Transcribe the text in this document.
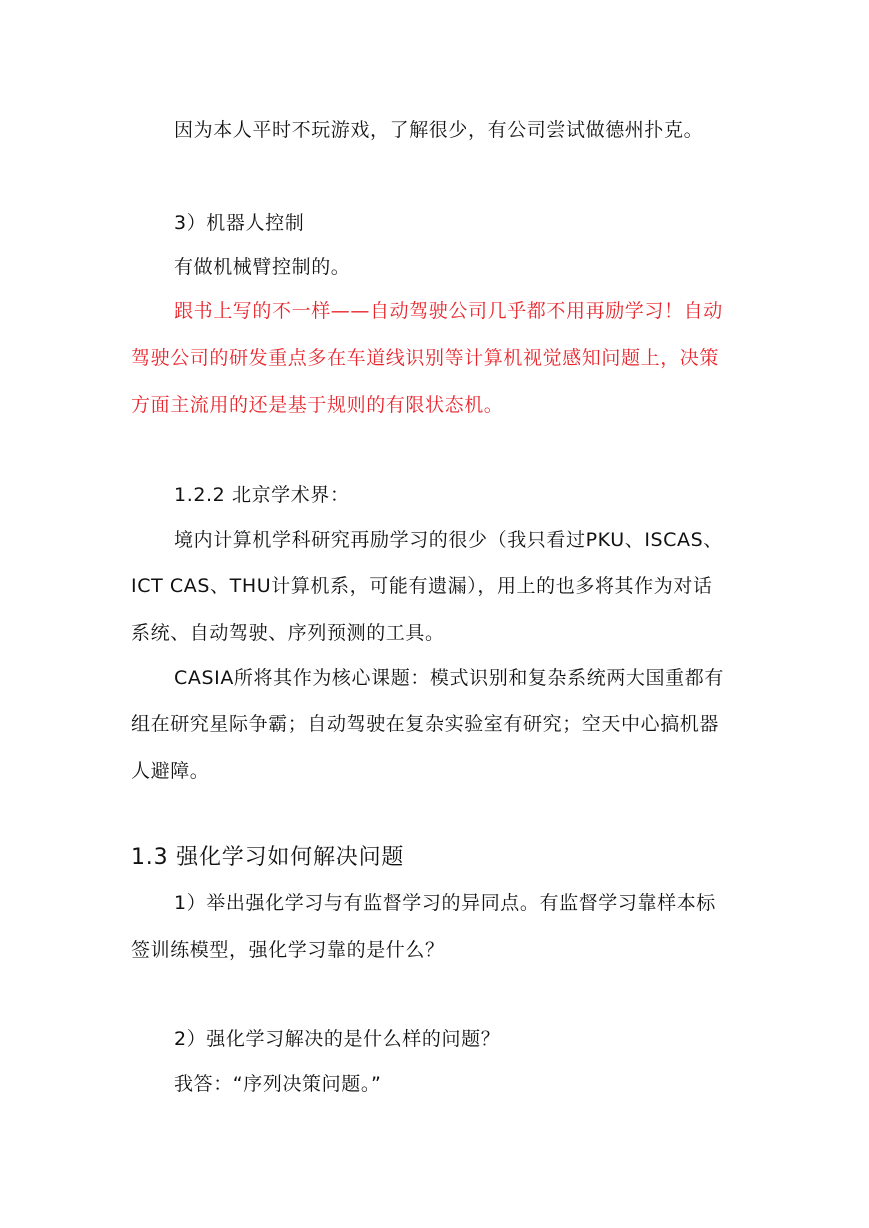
因为本人平时不玩游戏，了解很少，有公司尝试做德州扑克。
3）机器人控制
有做机械臂控制的。
跟书上写的不一样——自动驾驶公司几乎都不用再励学习！自动
驾驶公司的研发重点多在车道线识别等计算机视觉感知问题上，决策
方面主流用的还是基于规则的有限状态机。
1.2.2 北京学术界：
境内计算机学科研究再励学习的很少（我只看过PKU、ISCAS、
ICT CAS、THU计算机系，可能有遗漏），用上的也多将其作为对话
系统、自动驾驶、序列预测的工具。
CASIA所将其作为核心课题：模式识别和复杂系统两大国重都有
组在研究星际争霸；自动驾驶在复杂实验室有研究；空天中心搞机器
人避障。
1.3 强化学习如何解决问题
1）举出强化学习与有监督学习的异同点。有监督学习靠样本标
签训练模型，强化学习靠的是什么？
2）强化学习解决的是什么样的问题？
我答：“序列决策问题。”
